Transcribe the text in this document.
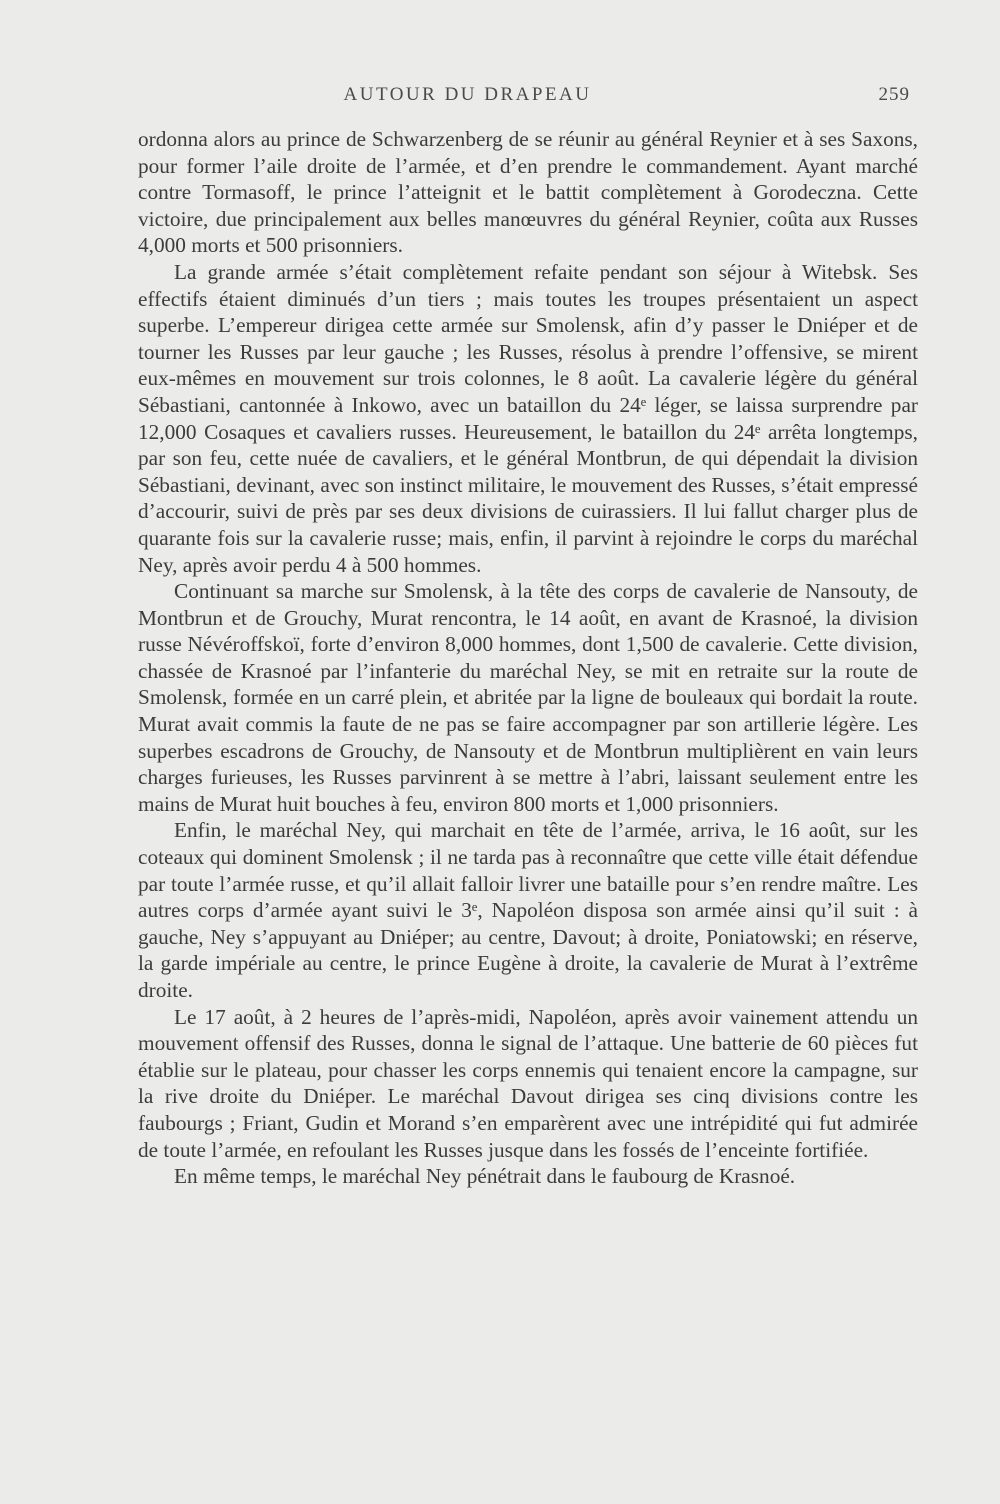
AUTOUR DU DRAPEAU	259

ordonna alors au prince de Schwarzenberg de se réunir au général Reynier et à ses Saxons, pour former l’aile droite de l’armée, et d’en prendre le commandement. Ayant marché contre Tormasoff, le prince l’atteignit et le battit complètement à Gorodeczna. Cette victoire, due principalement aux belles manœuvres du général Reynier, coûta aux Russes 4,000 morts et 500 prisonniers.

La grande armée s’était complètement refaite pendant son séjour à Witebsk. Ses effectifs étaient diminués d’un tiers ; mais toutes les troupes présentaient un aspect superbe. L’empereur dirigea cette armée sur Smolensk, afin d’y passer le Dniéper et de tourner les Russes par leur gauche ; les Russes, résolus à prendre l’offensive, se mirent eux-mêmes en mouvement sur trois colonnes, le 8 août. La cavalerie légère du général Sébastiani, cantonnée à Inkowo, avec un bataillon du 24ᵉ léger, se laissa surprendre par 12,000 Cosaques et cavaliers russes. Heureusement, le bataillon du 24ᵉ arrêta longtemps, par son feu, cette nuée de cavaliers, et le général Montbrun, de qui dépendait la division Sébastiani, devinant, avec son instinct militaire, le mouvement des Russes, s’était empressé d’accourir, suivi de près par ses deux divisions de cuirassiers. Il lui fallut charger plus de quarante fois sur la cavalerie russe; mais, enfin, il parvint à rejoindre le corps du maréchal Ney, après avoir perdu 4 à 500 hommes.

Continuant sa marche sur Smolensk, à la tête des corps de cavalerie de Nansouty, de Montbrun et de Grouchy, Murat rencontra, le 14 août, en avant de Krasnoé, la division russe Névéroffskoï, forte d’environ 8,000 hommes, dont 1,500 de cavalerie. Cette division, chassée de Krasnoé par l’infanterie du maréchal Ney, se mit en retraite sur la route de Smolensk, formée en un carré plein, et abritée par la ligne de bouleaux qui bordait la route. Murat avait commis la faute de ne pas se faire accompagner par son artillerie légère. Les superbes escadrons de Grouchy, de Nansouty et de Montbrun multiplièrent en vain leurs charges furieuses, les Russes parvinrent à se mettre à l’abri, laissant seulement entre les mains de Murat huit bouches à feu, environ 800 morts et 1,000 prisonniers.

Enfin, le maréchal Ney, qui marchait en tête de l’armée, arriva, le 16 août, sur les coteaux qui dominent Smolensk ; il ne tarda pas à reconnaître que cette ville était défendue par toute l’armée russe, et qu’il allait falloir livrer une bataille pour s’en rendre maître. Les autres corps d’armée ayant suivi le 3ᵉ, Napoléon disposa son armée ainsi qu’il suit : à gauche, Ney s’appuyant au Dniéper; au centre, Davout; à droite, Poniatowski; en réserve, la garde impériale au centre, le prince Eugène à droite, la cavalerie de Murat à l’extrême droite.

Le 17 août, à 2 heures de l’après-midi, Napoléon, après avoir vainement attendu un mouvement offensif des Russes, donna le signal de l’attaque. Une batterie de 60 pièces fut établie sur le plateau, pour chasser les corps ennemis qui tenaient encore la campagne, sur la rive droite du Dniéper. Le maréchal Davout dirigea ses cinq divisions contre les faubourgs ; Friant, Gudin et Morand s’en emparèrent avec une intrépidité qui fut admirée de toute l’armée, en refoulant les Russes jusque dans les fossés de l’enceinte fortifiée.

En même temps, le maréchal Ney pénétrait dans le faubourg de Krasnoé.
